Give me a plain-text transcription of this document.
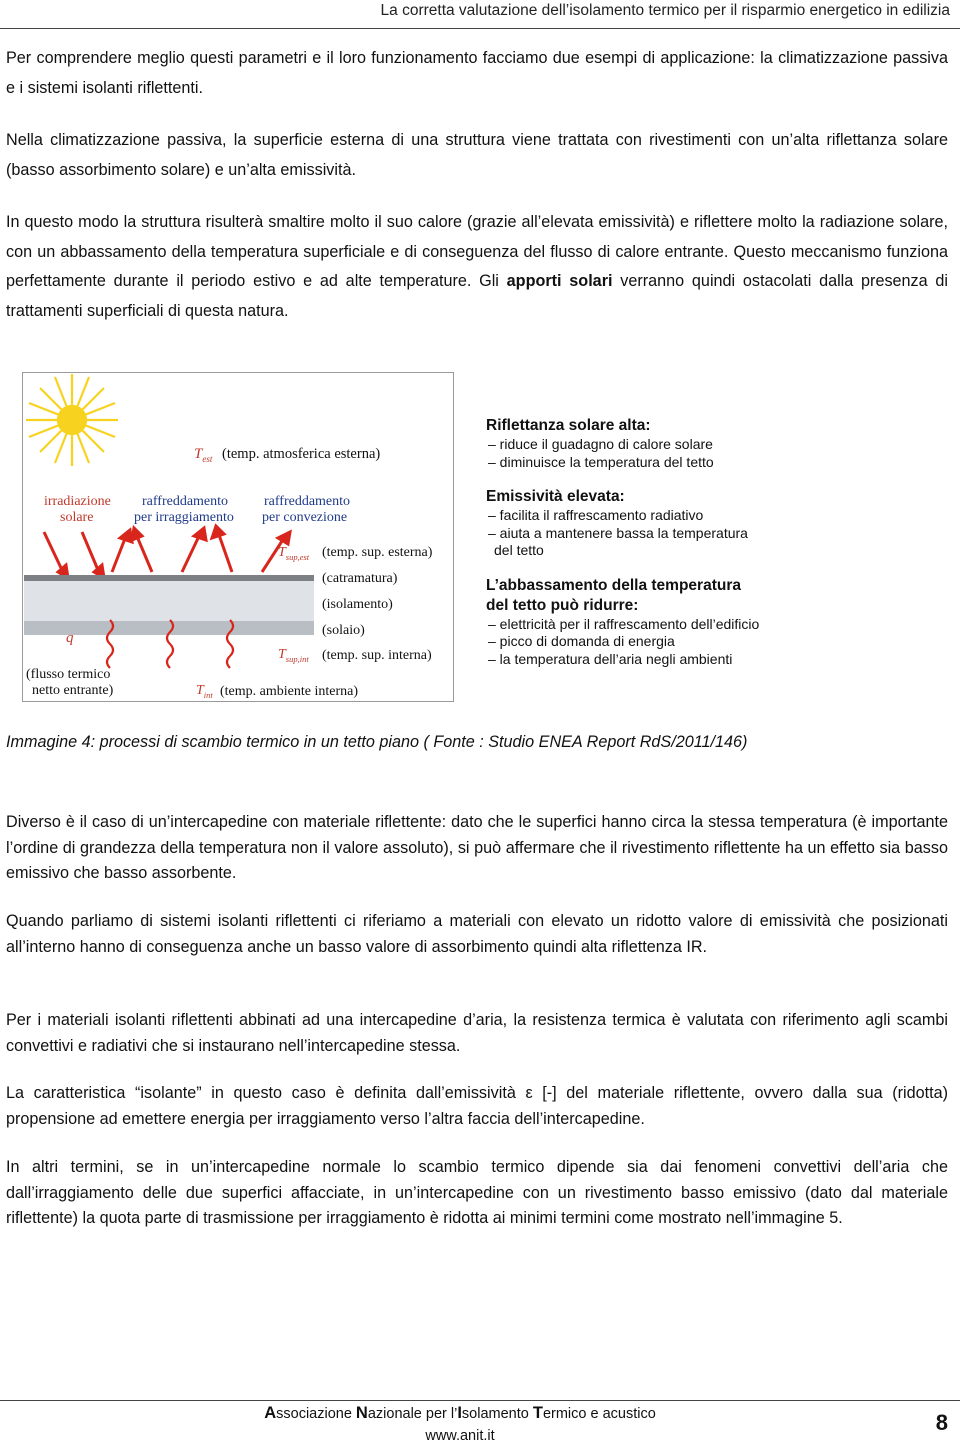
La corretta valutazione dell’isolamento termico per il risparmio energetico in edilizia

Per comprendere meglio questi parametri e il loro funzionamento facciamo due esempi di applicazione: la climatizzazione passiva e i sistemi isolanti riflettenti.

Nella climatizzazione passiva, la superficie esterna di una struttura viene trattata con rivestimenti con un’alta riflettanza solare (basso assorbimento solare) e un’alta emissività.

In questo modo la struttura risulterà smaltire molto il suo calore (grazie all’elevata emissività) e riflettere molto la radiazione solare, con un abbassamento della temperatura superficiale e di conseguenza del flusso di calore entrante. Questo meccanismo funziona perfettamente durante il periodo estivo e ad alte temperature. Gli apporti solari verranno quindi ostacolati dalla presenza di trattamenti superficiali di questa natura.

$T_{est}$ (temp. atmosferica esterna)
irradiazione
solare
raffreddamento
per irraggiamento
raffreddamento
per convezione
$T_{sup,est}$ (temp. sup. esterna)
(catramatura)
(isolamento)
(solaio)
q
$T_{sup,int}$ (temp. sup. interna)
(flusso termico
netto entrante)	$T_{int}$ (temp. ambiente interna)

Riflettanza solare alta:

– riduce il guadagno di calore solare

– diminuisce la temperatura del tetto

Emissività elevata:

– facilita il raffrescamento radiativo

– aiuta a mantenere bassa la temperatura

del tetto

L’abbassamento della temperatura

del tetto può ridurre:

– elettricità per il raffrescamento dell’edificio

– picco di domanda di energia

– la temperatura dell’aria negli ambienti

Immagine 4: processi di scambio termico in un tetto piano ( Fonte : Studio ENEA Report RdS/2011/146)

Diverso è il caso di un’intercapedine con materiale riflettente: dato che le superfici hanno circa la stessa temperatura (è importante l’ordine di grandezza della temperatura non il valore assoluto), si può affermare che il rivestimento riflettente ha un effetto sia basso emissivo che basso assorbente.

Quando parliamo di sistemi isolanti riflettenti ci riferiamo a materiali con elevato un ridotto valore di emissività che posizionati all’interno hanno di conseguenza anche un basso valore di assorbimento quindi alta riflettenza IR.

Per i materiali isolanti riflettenti abbinati ad una intercapedine d’aria, la resistenza termica è valutata con riferimento agli scambi convettivi e radiativi che si instaurano nell’intercapedine stessa.

La caratteristica “isolante” in questo caso è definita dall’emissività ε [-] del materiale riflettente, ovvero dalla sua (ridotta) propensione ad emettere energia per irraggiamento verso l’altra faccia dell’intercapedine.

In altri termini, se in un’intercapedine normale lo scambio termico dipende sia dai fenomeni convettivi dell’aria che dall’irraggiamento delle due superfici affacciate, in un’intercapedine con un rivestimento basso emissivo (dato dal materiale riflettente) la quota parte di trasmissione per irraggiamento è ridotta ai minimi termini come mostrato nell’immagine 5.

Associazione Nazionale per l’Isolamento Termico e acustico
www.anit.it
8
